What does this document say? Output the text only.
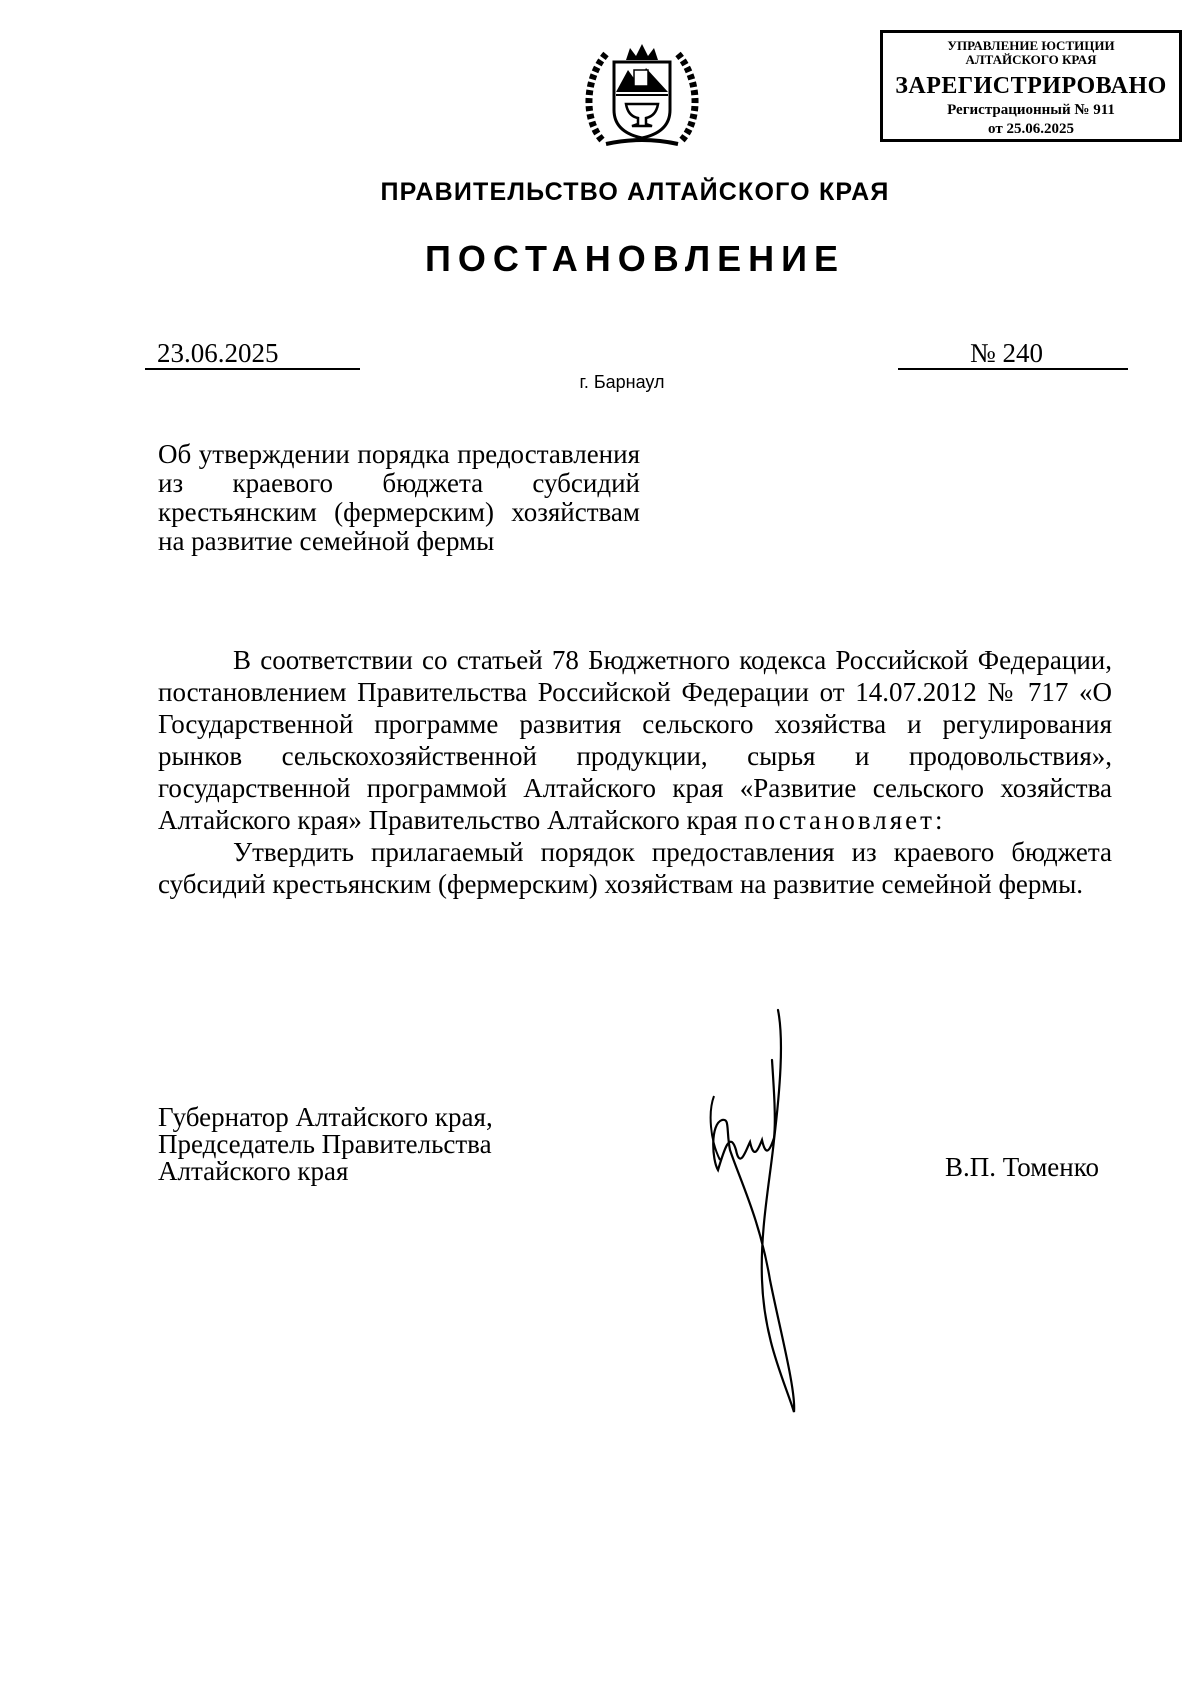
УПРАВЛЕНИЕ ЮСТИЦИИ
АЛТАЙСКОГО КРАЯ
ЗАРЕГИСТРИРОВАНО
Регистрационный № 911
от 25.06.2025
ПРАВИТЕЛЬСТВО АЛТАЙСКОГО КРАЯ
ПОСТАНОВЛЕНИЕ
23.06.2025	№ 240
г. Барнаул
Об утверждении порядка предоставления из краевого бюджета субсидий крестьянским (фермерским) хозяйствам на развитие семейной фермы

В соответствии со статьей 78 Бюджетного кодекса Российской Федерации, постановлением Правительства Российской Федерации от 14.07.2012 № 717 «О Государственной программе развития сельского хозяйства и регулирования рынков сельскохозяйственной продукции, сырья и продовольствия», государственной программой Алтайского края «Развитие сельского хозяйства Алтайского края» Правительство Алтайского края постановляет:

Утвердить прилагаемый порядок предоставления из краевого бюджета субсидий крестьянским (фермерским) хозяйствам на развитие семейной фермы.

Губернатор Алтайского края,
Председатель Правительства
Алтайского края	В.П. Томенко
